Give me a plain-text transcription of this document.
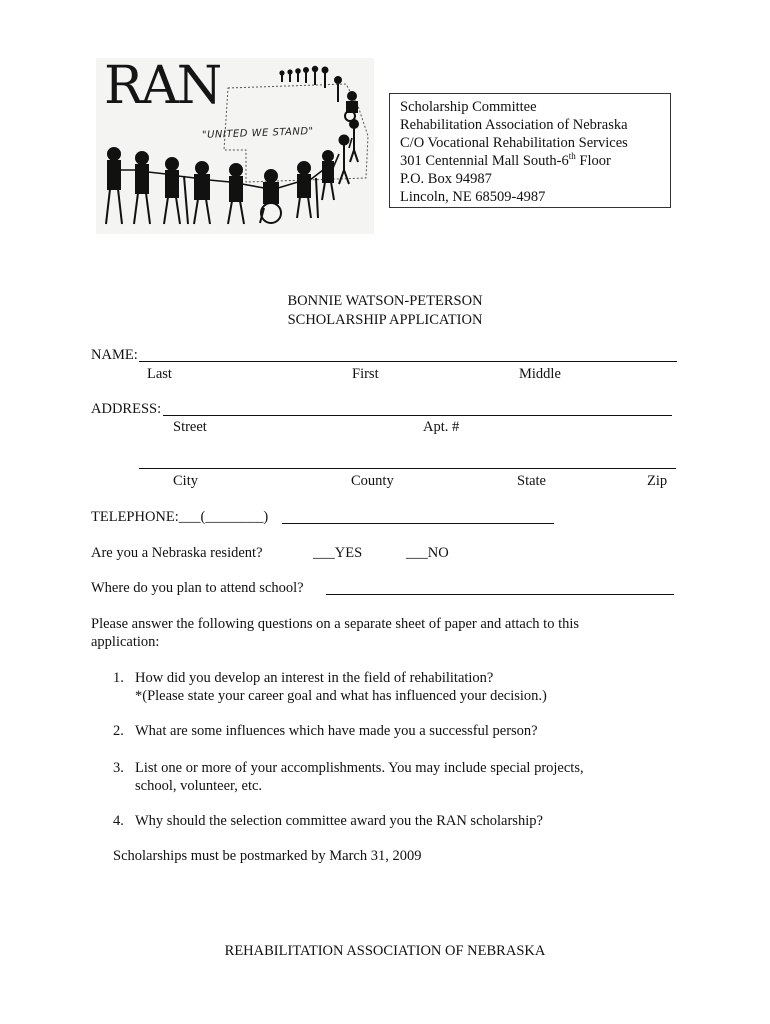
RAN
"UNITED WE STAND"
Scholarship Committee
Rehabilitation Association of Nebraska
C/O Vocational Rehabilitation Services
301 Centennial Mall South-6th Floor
P.O. Box 94987
Lincoln, NE 68509-4987
BONNIE WATSON-PETERSON
SCHOLARSHIP APPLICATION
NAME:
Last	First	Middle
ADDRESS:
Street	Apt. #
City	County	State	Zip
TELEPHONE:___(________)
Are you a Nebraska resident?	___YES	___NO
Where do you plan to attend school?
Please answer the following questions on a separate sheet of paper and attach to this
application:
1. How did you develop an interest in the field of rehabilitation?
*(Please state your career goal and what has influenced your decision.)
2. What are some influences which have made you a successful person?
3. List one or more of your accomplishments. You may include special projects,
school, volunteer, etc.
4. Why should the selection committee award you the RAN scholarship?
Scholarships must be postmarked by March 31, 2009
REHABILITATION ASSOCIATION OF NEBRASKA
